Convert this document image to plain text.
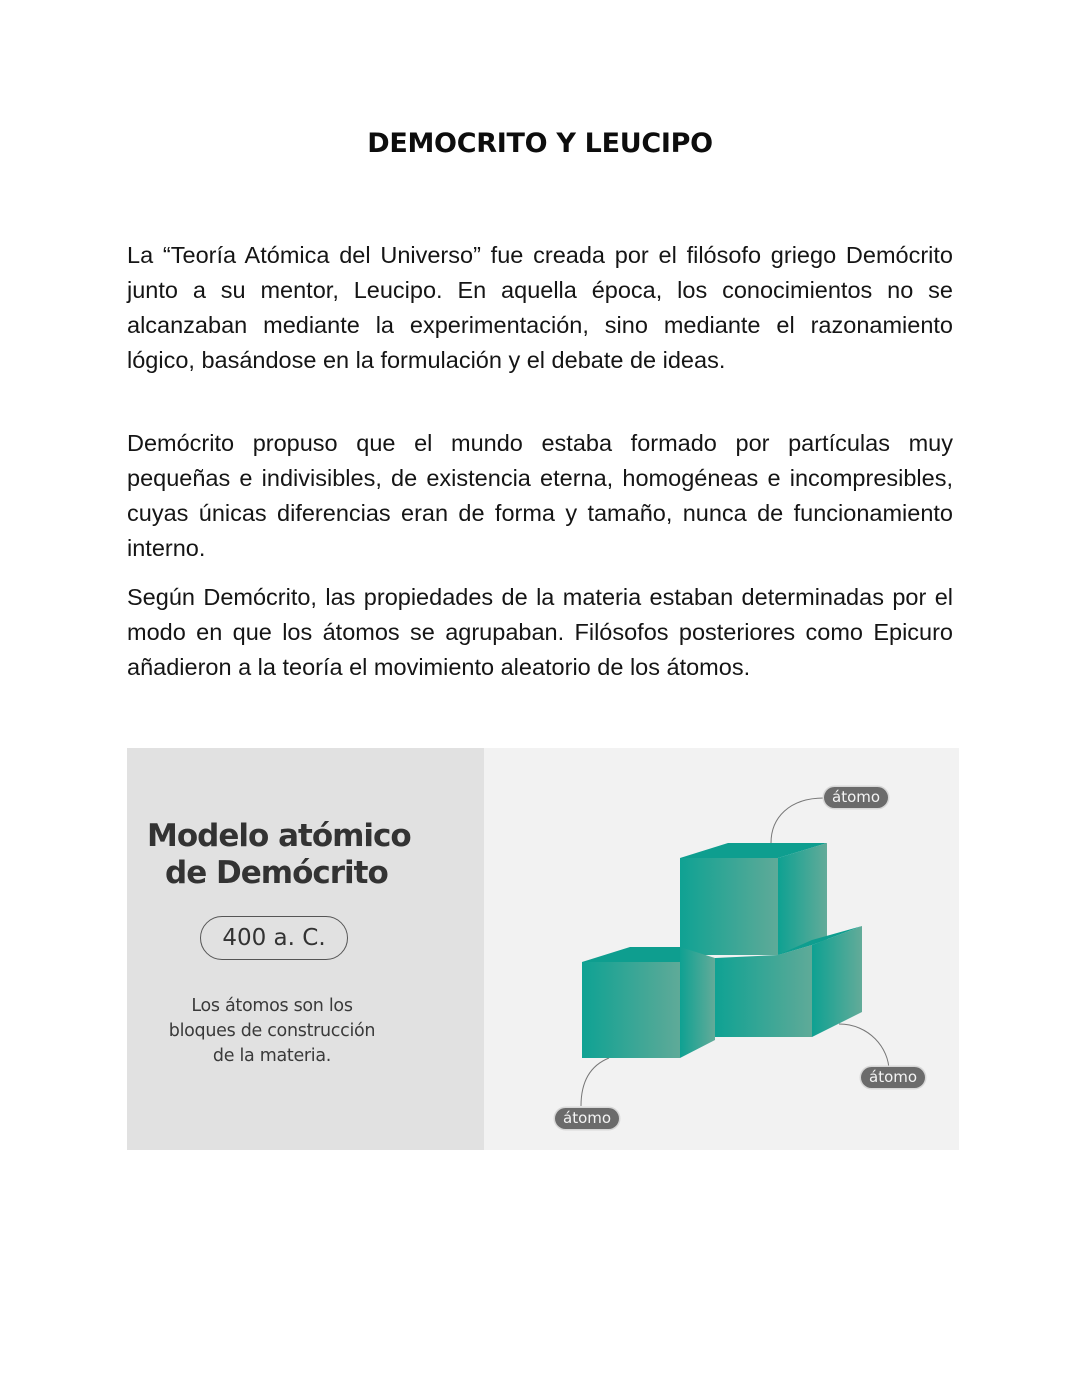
DEMOCRITO Y LEUCIPO

La “Teoría Atómica del Universo” fue creada por el filósofo griego Demócrito junto a su mentor, Leucipo. En aquella época, los conocimientos no se alcanzaban mediante la experimentación, sino mediante el razonamiento lógico, basándose en la formulación y el debate de ideas.

Demócrito propuso que el mundo estaba formado por partículas muy pequeñas e indivisibles, de existencia eterna, homogéneas e incompresibles, cuyas únicas diferencias eran de forma y tamaño, nunca de funcionamiento interno.

Según Demócrito, las propiedades de la materia estaban determinadas por el modo en que los átomos se agrupaban. Filósofos posteriores como Epicuro añadieron a la teoría el movimiento aleatorio de los átomos.

Modelo atómico
de Demócrito
400 a. C.
Los átomos son los
bloques de construcción
de la materia.
átomo
átomo
átomo
